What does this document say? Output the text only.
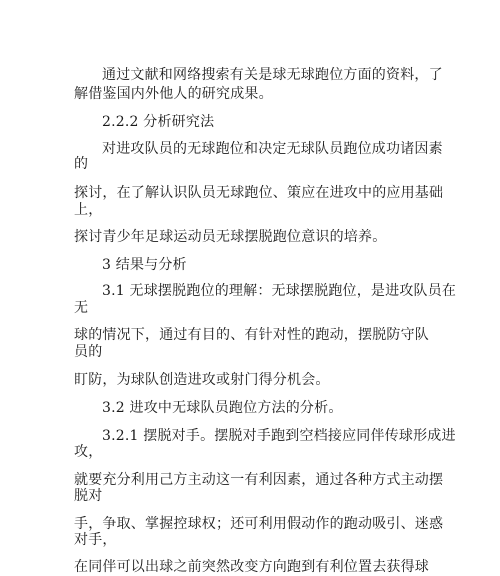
通过文献和网络搜索有关是球无球跑位方面的资料，了
解借鉴国内外他人的研究成果。
2.2.2 分析研究法
对进攻队员的无球跑位和决定无球队员跑位成功诸因素
的
探讨，在了解认识队员无球跑位、策应在进攻中的应用基础
上，
探讨青少年足球运动员无球摆脱跑位意识的培养。
3 结果与分析
3.1 无球摆脱跑位的理解：无球摆脱跑位，是进攻队员在
无
球的情况下，通过有目的、有针对性的跑动，摆脱防守队
员的
盯防，为球队创造进攻或射门得分机会。
3.2 进攻中无球队员跑位方法的分析。
3.2.1 摆脱对手。摆脱对手跑到空档接应同伴传球形成进
攻，
就要充分利用己方主动这一有利因素，通过各种方式主动摆
脱对
手，争取、掌握控球权；还可利用假动作的跑动吸引、迷惑
对手，
在同伴可以出球之前突然改变方向跑到有利位置去获得球
